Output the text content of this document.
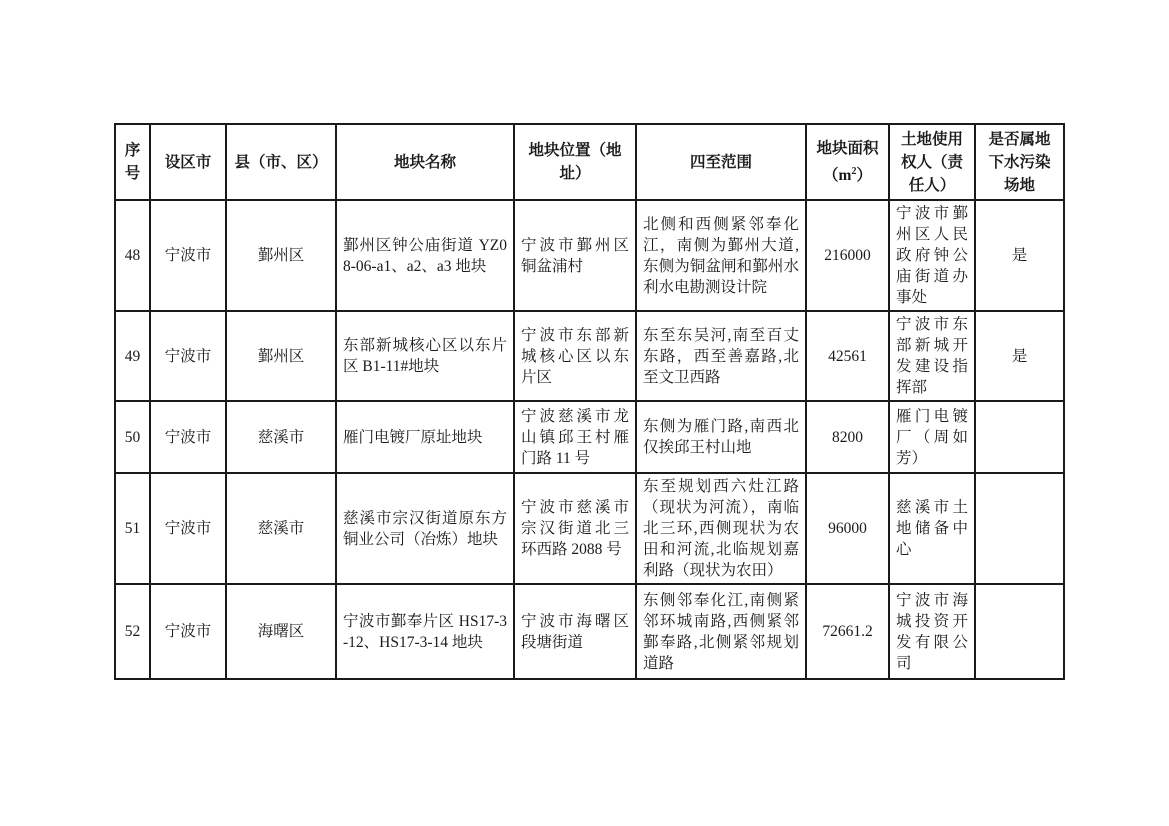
序号	设区市	县（市、区）	地块名称	地块位置（地址）	四至范围	地块面积$(m^2)$	土地使用权人（责任人）	是否属地下水污染场地
48	宁波市	鄞州区	鄞州区钟公庙街道 YZ08-06-a1、a2、a3 地块	宁波市鄞州区铜盆浦村	北侧和西侧紧邻奉化江，南侧为鄞州大道,东侧为铜盆闸和鄞州水利水电勘测设计院	216000	宁波市鄞州区人民政府钟公庙街道办事处	是
49	宁波市	鄞州区	东部新城核心区以东片区 B1-11#地块	宁波市东部新城核心区以东片区	东至东吴河,南至百丈东路，西至善嘉路,北至文卫西路	42561	宁波市东部新城开发建设指挥部	是
50	宁波市	慈溪市	雁门电镀厂原址地块	宁波慈溪市龙山镇邱王村雁门路 11 号	东侧为雁门路,南西北仅挨邱王村山地	8200	雁门电镀厂（周如芳）	
51	宁波市	慈溪市	慈溪市宗汉街道原东方铜业公司（冶炼）地块	宁波市慈溪市宗汉街道北三环西路 2088 号	东至规划西六灶江路（现状为河流），南临北三环,西侧现状为农田和河流,北临规划嘉利路（现状为农田）	96000	慈溪市土地储备中心	
52	宁波市	海曙区	宁波市鄞奉片区 HS17-3-12、HS17-3-14 地块	宁波市海曙区段塘街道	东侧邻奉化江,南侧紧邻环城南路,西侧紧邻鄞奉路,北侧紧邻规划道路	72661.2	宁波市海城投资开发有限公司	
